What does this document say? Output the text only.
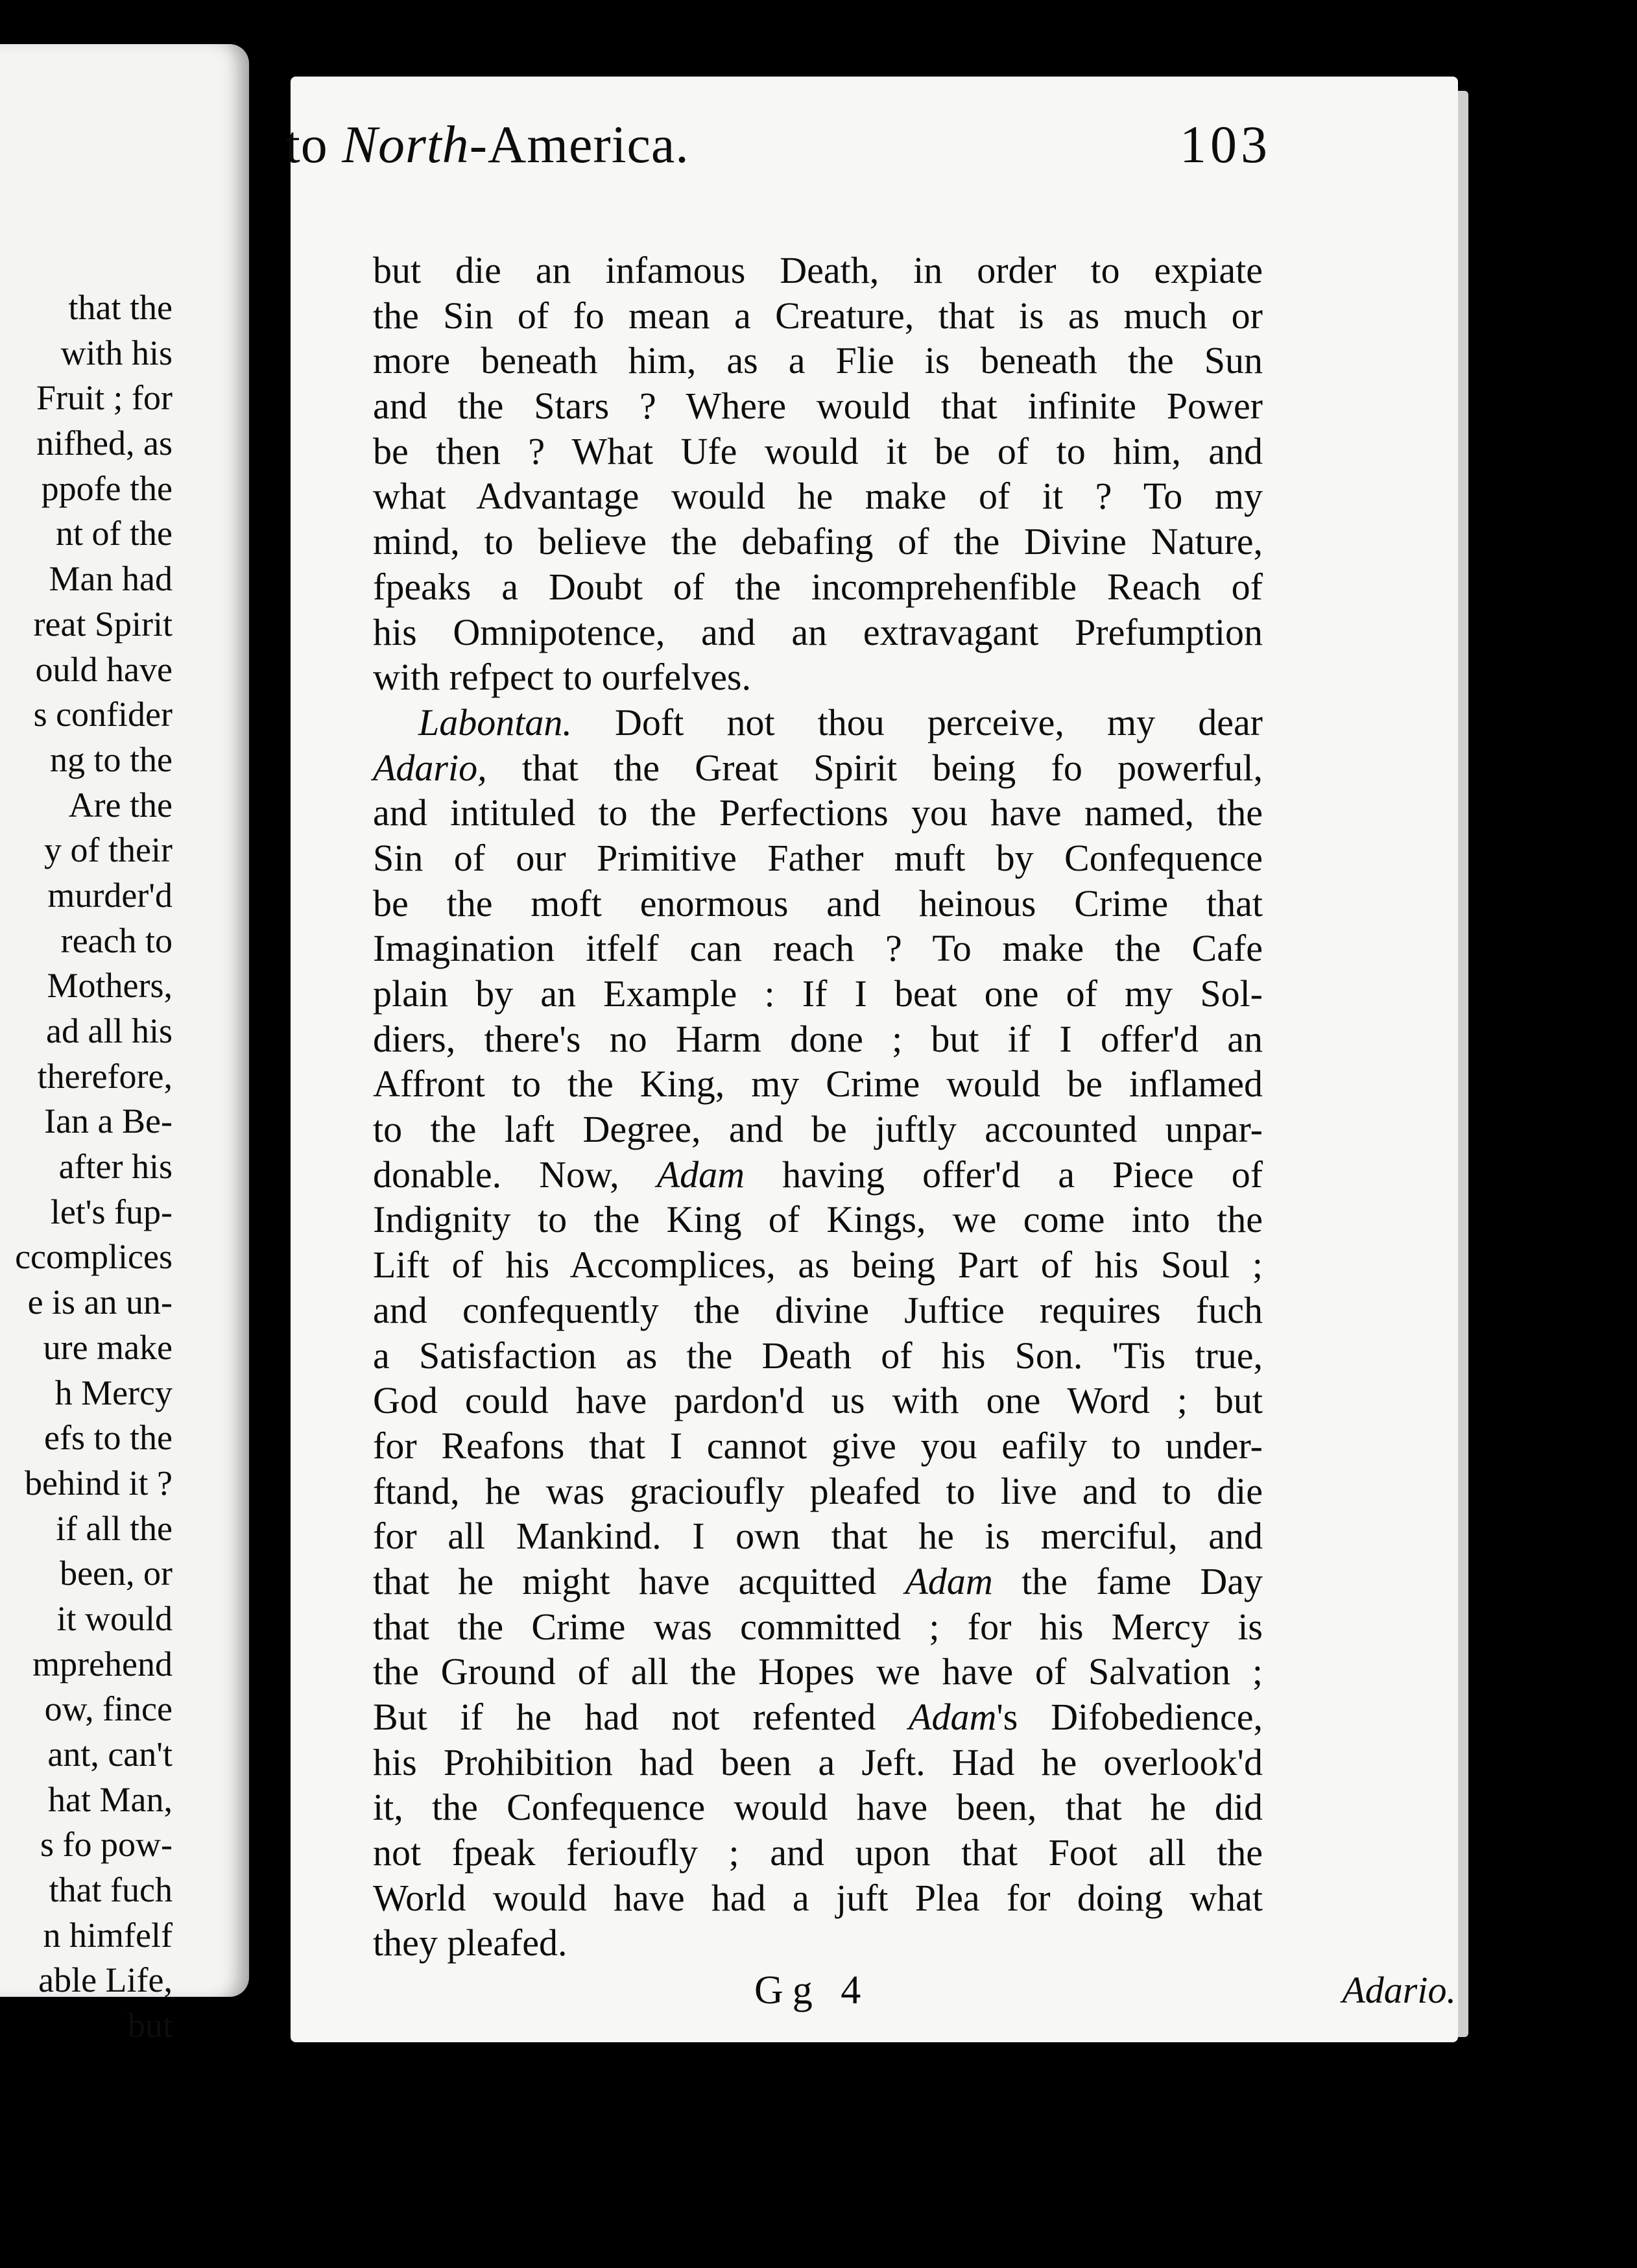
that the
with his
Fruit ; for
nifhed, as
ppofe the
nt of the
Man had
reat Spirit
ould have
s confider
ng to the
Are the
y of their
murder'd
reach to
Mothers,
ad all his
therefore,
Ian a Be-
after his
let's fup-
ccomplices
e is an un-
ure make
h Mercy
efs to the
behind it ?
if all the
been, or
it would
mprehend
ow, fince
ant, can't
hat Man,
s fo pow-
that fuch
n himfelf
able Life,
but
to North-America.	103
but die an infamous Death, in order to expiate
the Sin of fo mean a Creature, that is as much or
more beneath him, as a Flie is beneath the Sun
and the Stars ? Where would that infinite Power
be then ? What Ufe would it be of to him, and
what Advantage would he make of it ? To my
mind, to believe the debafing of the Divine Nature,
fpeaks a Doubt of the incomprehenfible Reach of
his Omnipotence, and an extravagant Prefumption
with refpect to ourfelves.
Labontan. Doft not thou perceive, my dear
Adario, that the Great Spirit being fo powerful,
and intituled to the Perfections you have named, the
Sin of our Primitive Father muft by Confequence
be the moft enormous and heinous Crime that
Imagination itfelf can reach ? To make the Cafe
plain by an Example : If I beat one of my Sol-
diers, there's no Harm done ; but if I offer'd an
Affront to the King, my Crime would be inflamed
to the laft Degree, and be juftly accounted unpar-
donable. Now, Adam having offer'd a Piece of
Indignity to the King of Kings, we come into the
Lift of his Accomplices, as being Part of his Soul ;
and confequently the divine Juftice requires fuch
a Satisfaction as the Death of his Son. 'Tis true,
God could have pardon'd us with one Word ; but
for Reafons that I cannot give you eafily to under-
ftand, he was gracioufly pleafed to live and to die
for all Mankind. I own that he is merciful, and
that he might have acquitted Adam the fame Day
that the Crime was committed ; for his Mercy is
the Ground of all the Hopes we have of Salvation ;
But if he had not refented Adam's Difobedience,
his Prohibition had been a Jeft. Had he overlook'd
it, the Confequence would have been, that he did
not fpeak ferioufly ; and upon that Foot all the
World would have had a juft Plea for doing what
they pleafed.
Gg 4	Adario.
